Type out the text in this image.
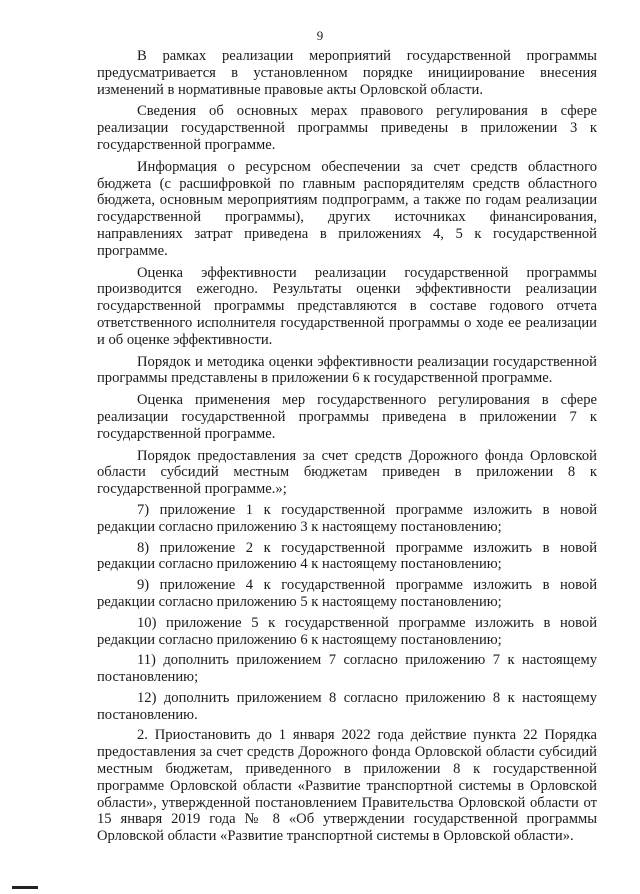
9

В рамках реализации мероприятий государственной программы предусматривается в установленном порядке инициирование внесения изменений в нормативные правовые акты Орловской области.

Сведения об основных мерах правового регулирования в сфере реализации государственной программы приведены в приложении 3 к государственной программе.

Информация о ресурсном обеспечении за счет средств областного бюджета (с расшифровкой по главным распорядителям средств областного бюджета, основным мероприятиям подпрограмм, а также по годам реализации государственной программы), других источниках финансирования, направлениях затрат приведена в приложениях 4, 5 к государственной программе.

Оценка эффективности реализации государственной программы производится ежегодно. Результаты оценки эффективности реализации государственной программы представляются в составе годового отчета ответственного исполнителя государственной программы о ходе ее реализации и об оценке эффективности.

Порядок и методика оценки эффективности реализации государственной программы представлены в приложении 6 к государственной программе.

Оценка применения мер государственного регулирования в сфере реализации государственной программы приведена в приложении 7 к государственной программе.

Порядок предоставления за счет средств Дорожного фонда Орловской области субсидий местным бюджетам приведен в приложении 8 к государственной программе.»;

7) приложение 1 к государственной программе изложить в новой редакции согласно приложению 3 к настоящему постановлению;

8) приложение 2 к государственной программе изложить в новой редакции согласно приложению 4 к настоящему постановлению;

9) приложение 4 к государственной программе изложить в новой редакции согласно приложению 5 к настоящему постановлению;

10) приложение 5 к государственной программе изложить в новой редакции согласно приложению 6 к настоящему постановлению;

11) дополнить приложением 7 согласно приложению 7 к настоящему постановлению;

12) дополнить приложением 8 согласно приложению 8 к настоящему постановлению.

2. Приостановить до 1 января 2022 года действие пункта 22 Порядка предоставления за счет средств Дорожного фонда Орловской области субсидий местным бюджетам, приведенного в приложении 8 к государственной программе Орловской области «Развитие транспортной системы в Орловской области», утвержденной постановлением Правительства Орловской области от 15 января 2019 года № 8 «Об утверждении государственной программы Орловской области «Развитие транспортной системы в Орловской области».
